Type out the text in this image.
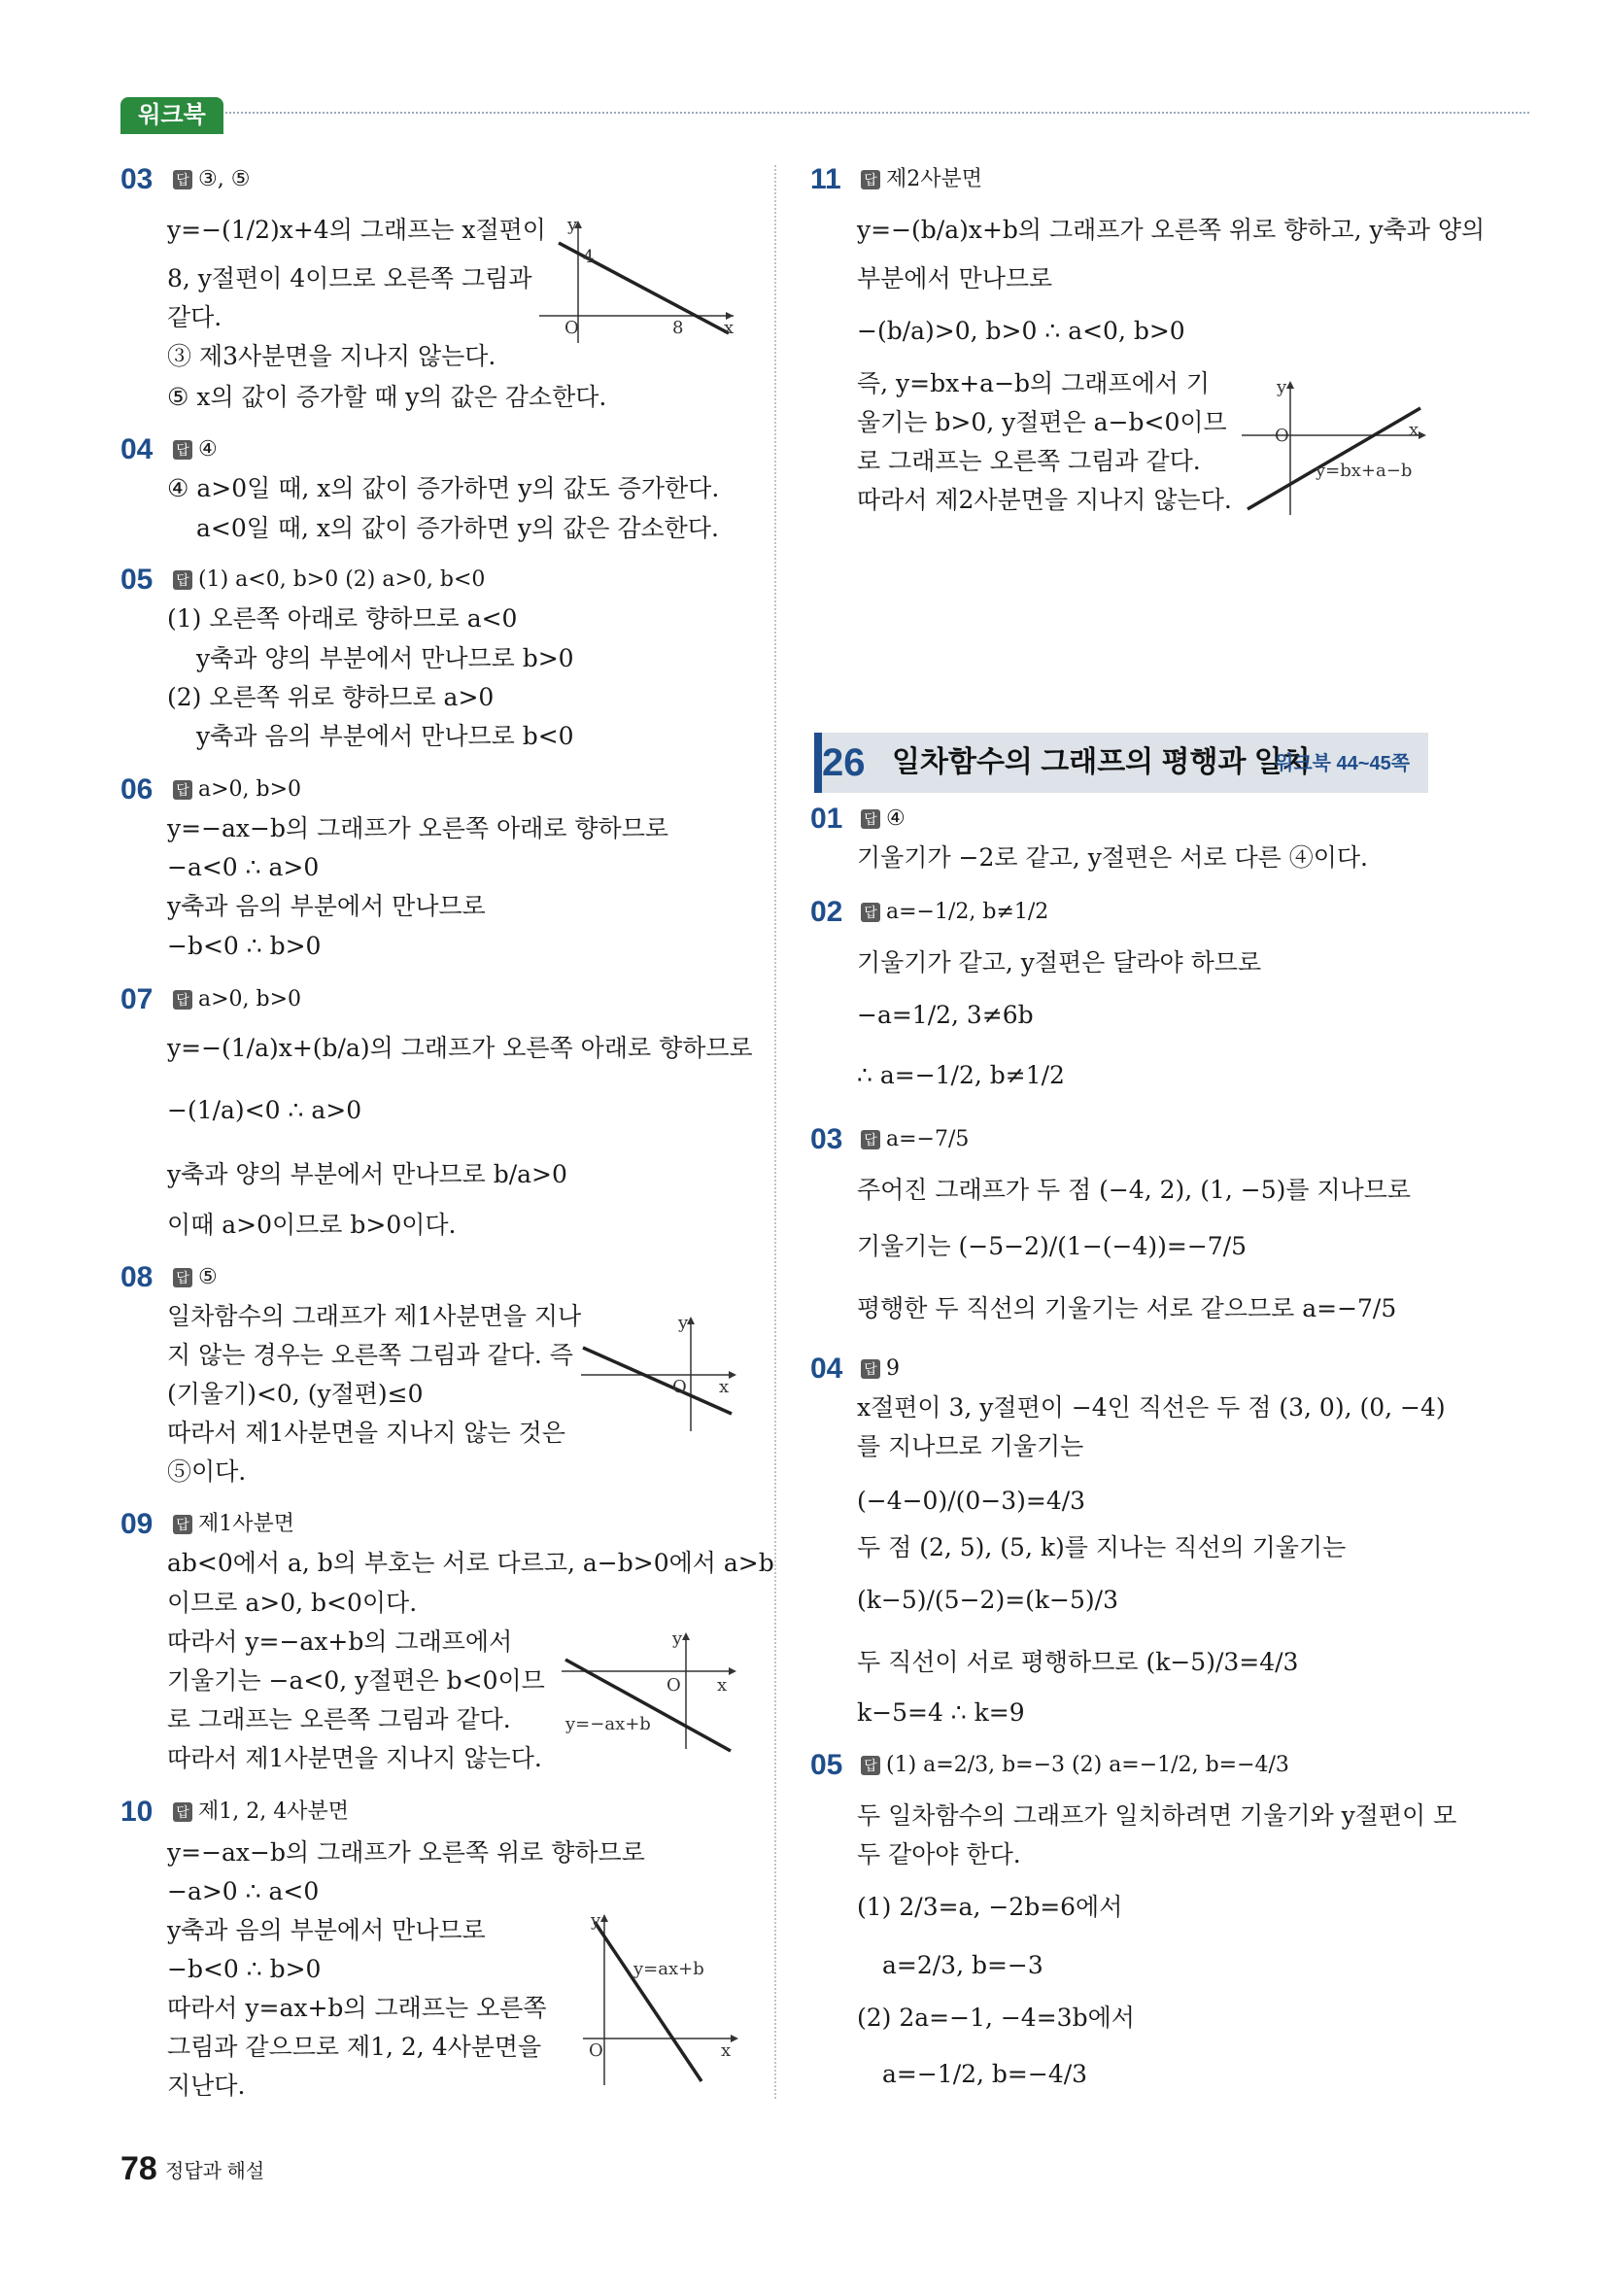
워크북
03 답 ③, ⑤
y=−(1/2)x+4의 그래프는 x절편이
8, y절편이 4이므로 오른쪽 그림과
같다.
③ 제3사분면을 지나지 않는다.
⑤ x의 값이 증가할 때 y의 값은 감소한다.
y
x
O
4
8
04 답 ④
④ a>0일 때, x의 값이 증가하면 y의 값도 증가한다.
a<0일 때, x의 값이 증가하면 y의 값은 감소한다.
05 답 (1) a<0, b>0 (2) a>0, b<0
(1) 오른쪽 아래로 향하므로 a<0
y축과 양의 부분에서 만나므로 b>0
(2) 오른쪽 위로 향하므로 a>0
y축과 음의 부분에서 만나므로 b<0
06 답 a>0, b>0
y=−ax−b의 그래프가 오른쪽 아래로 향하므로
−a<0 ∴ a>0
y축과 음의 부분에서 만나므로
−b<0 ∴ b>0
07 답 a>0, b>0
y=−(1/a)x+(b/a)의 그래프가 오른쪽 아래로 향하므로
−(1/a)<0 ∴ a>0
y축과 양의 부분에서 만나므로 b/a>0
이때 a>0이므로 b>0이다.
08 답 ⑤
일차함수의 그래프가 제1사분면을 지나
지 않는 경우는 오른쪽 그림과 같다. 즉
(기울기)<0, (y절편)≤0
따라서 제1사분면을 지나지 않는 것은
⑤이다.
y
x
O
09 답 제1사분면
ab<0에서 a, b의 부호는 서로 다르고, a−b>0에서 a>b
이므로 a>0, b<0이다.
따라서 y=−ax+b의 그래프에서
기울기는 −a<0, y절편은 b<0이므
로 그래프는 오른쪽 그림과 같다.
따라서 제1사분면을 지나지 않는다.
y
x
O
y=−ax+b
10 답 제1, 2, 4사분면
y=−ax−b의 그래프가 오른쪽 위로 향하므로
−a>0 ∴ a<0
y축과 음의 부분에서 만나므로
−b<0 ∴ b>0
따라서 y=ax+b의 그래프는 오른쪽
그림과 같으므로 제1, 2, 4사분면을
지난다.
y
x
O
y=ax+b
11 답 제2사분면
y=−(b/a)x+b의 그래프가 오른쪽 위로 향하고, y축과 양의
부분에서 만나므로
−(b/a)>0, b>0 ∴ a<0, b>0
즉, y=bx+a−b의 그래프에서 기
울기는 b>0, y절편은 a−b<0이므
로 그래프는 오른쪽 그림과 같다.
따라서 제2사분면을 지나지 않는다.
y
x
O
y=bx+a−b
26 일차함수의 그래프의 평행과 일치
워크북 44~45쪽
01 답 ④
기울기가 −2로 같고, y절편은 서로 다른 ④이다.
02 답 a=−1/2, b≠1/2
기울기가 같고, y절편은 달라야 하므로
−a=1/2, 3≠6b
∴ a=−1/2, b≠1/2
03 답 a=−7/5
주어진 그래프가 두 점 (−4, 2), (1, −5)를 지나므로
기울기는 (−5−2)/(1−(−4))=−7/5
평행한 두 직선의 기울기는 서로 같으므로 a=−7/5
04 답 9
x절편이 3, y절편이 −4인 직선은 두 점 (3, 0), (0, −4)
를 지나므로 기울기는
(−4−0)/(0−3)=4/3
두 점 (2, 5), (5, k)를 지나는 직선의 기울기는
(k−5)/(5−2)=(k−5)/3
두 직선이 서로 평행하므로 (k−5)/3=4/3
k−5=4 ∴ k=9
05 답 (1) a=2/3, b=−3 (2) a=−1/2, b=−4/3
두 일차함수의 그래프가 일치하려면 기울기와 y절편이 모
두 같아야 한다.
(1) 2/3=a, −2b=6에서
a=2/3, b=−3
(2) 2a=−1, −4=3b에서
a=−1/2, b=−4/3
78 정답과 해설
